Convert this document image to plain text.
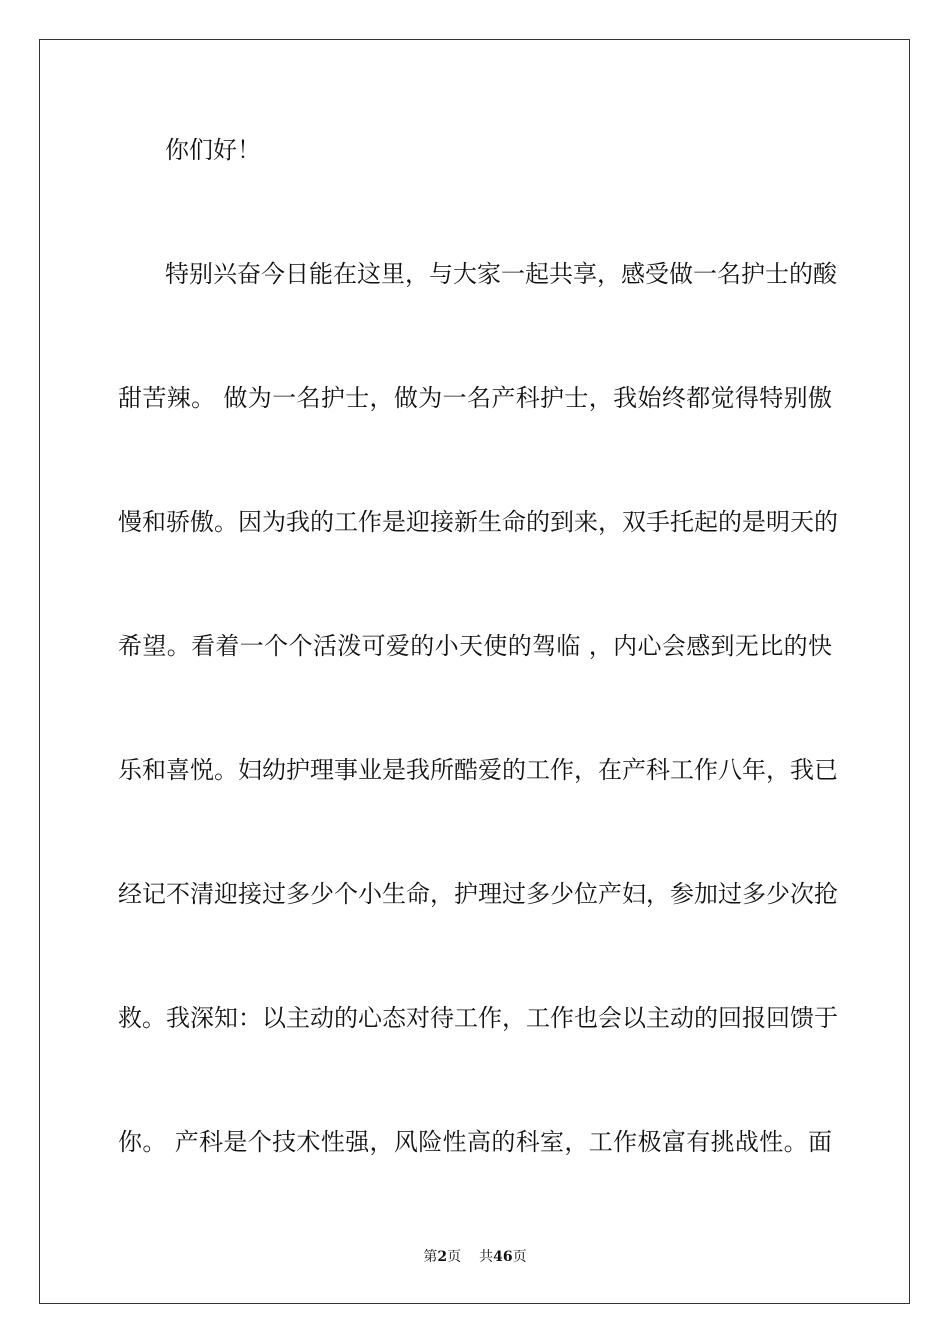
你们好！
特别兴奋今日能在这里，与大家一起共享，感受做一名护士的酸
甜苦辣。 做为一名护士，做为一名产科护士，我始终都觉得特别傲
慢和骄傲。因为我的工作是迎接新生命的到来，双手托起的是明天的
希望。看着一个个活泼可爱的小天使的驾临 ，内心会感到无比的快
乐和喜悦。妇幼护理事业是我所酷爱的工作，在产科工作八年，我已
经记不清迎接过多少个小生命，护理过多少位产妇，参加过多少次抢
救。我深知：以主动的心态对待工作，工作也会以主动的回报回馈于
你。 产科是个技术性强，风险性高的科室，工作极富有挑战性。面
第2页 共46页
